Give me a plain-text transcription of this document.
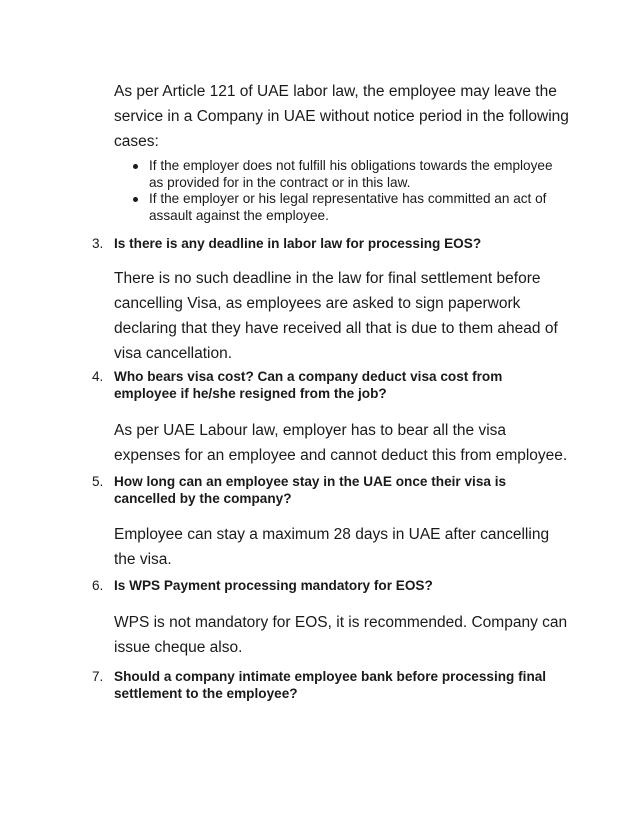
As per Article 121 of UAE labor law, the employee may leave the service in a Company in UAE without notice period in the following cases:

If the employer does not fulfill his obligations towards the employee as provided for in the contract or in this law.
If the employer or his legal representative has committed an act of assault against the employee.
3. Is there is any deadline in labor law for processing EOS?

There is no such deadline in the law for final settlement before cancelling Visa, as employees are asked to sign paperwork declaring that they have received all that is due to them ahead of visa cancellation.

4. Who bears visa cost? Can a company deduct visa cost from employee if he/she resigned from the job?

As per UAE Labour law, employer has to bear all the visa expenses for an employee and cannot deduct this from employee.

5. How long can an employee stay in the UAE once their visa is cancelled by the company?

Employee can stay a maximum 28 days in UAE after cancelling the visa.

6. Is WPS Payment processing mandatory for EOS?

WPS is not mandatory for EOS, it is recommended. Company can issue cheque also.

7. Should a company intimate employee bank before processing final settlement to the employee?
